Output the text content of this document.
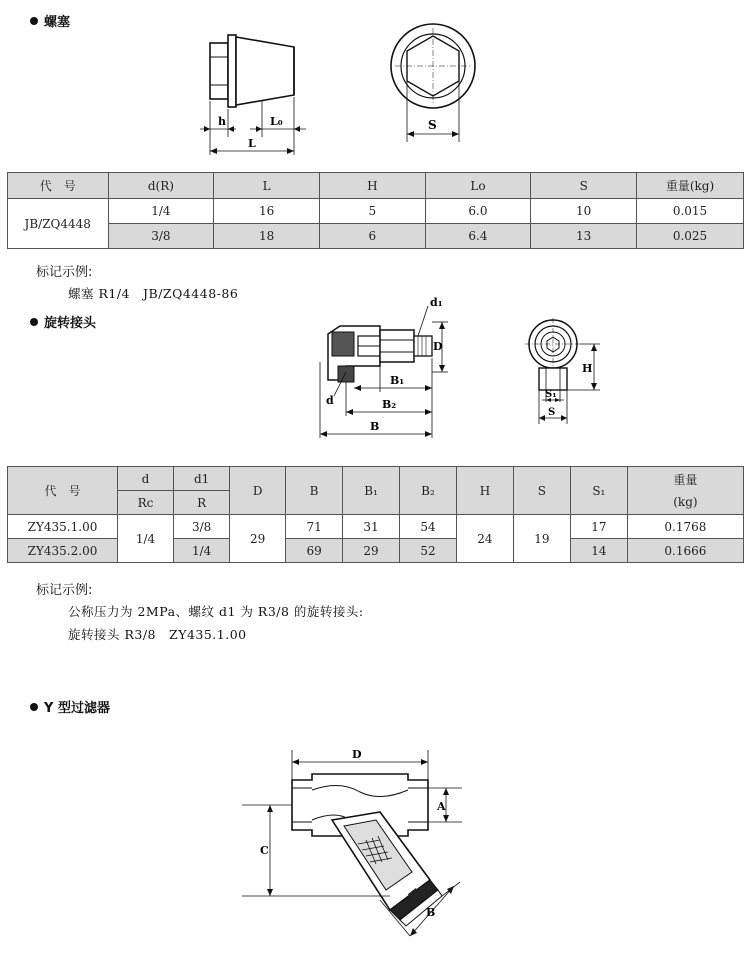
螺塞
h	L₀
L
S
代　号	d(R)	L	H	Lo	S	重量(kg)
JB/ZQ4448	1/4	16	5	6.0	10	0.015
	3/8	18	6	6.4	13	0.025
标记示例:
螺塞 R1/4　JB/ZQ4448-86
旋转接头
d₁
D
d
B₁
B₂
B
H
S₁
S
代　号	d	d1	D	B	B₁	B₂	H	S	S₁	重量
(kg)

	Rc	R								
ZY435.1.00	1/4	3/8	29	71	31	54	24	19	17	0.1768
ZY435.2.00		1/4		69	29	52			14	0.1666
标记示例:
公称压力为 2MPa、螺纹 d1 为 R3/8 的旋转接头:
旋转接头 R3/8　ZY435.1.00
Y 型过滤器
D
A
C
B
